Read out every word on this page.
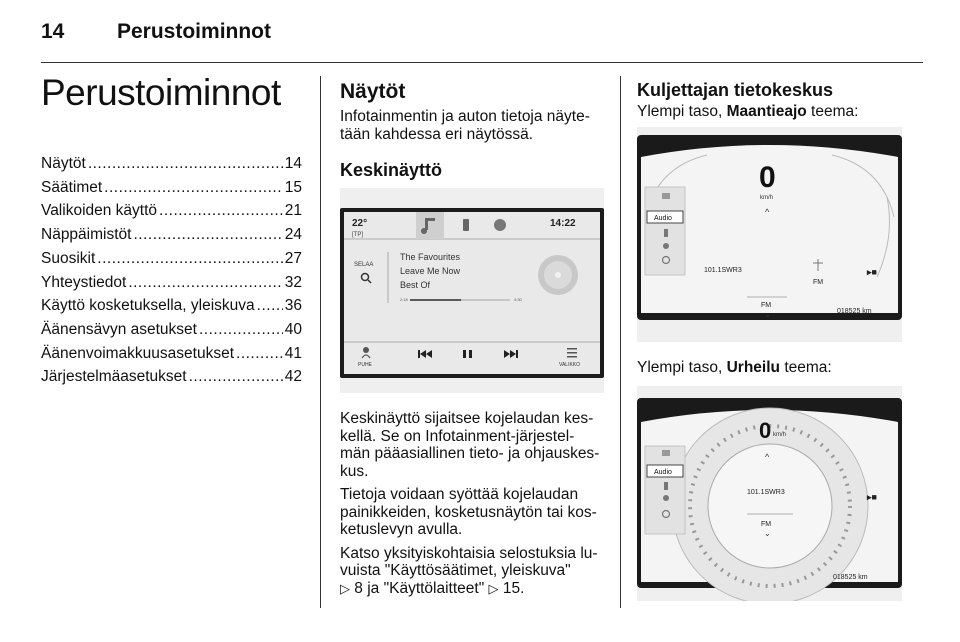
14	Perustoiminnot
Perustoiminnot
Näytöt .....	14
Säätimet .....	15
Valikoiden käyttö .....	21
Näppäimistöt .....	24
Suosikit .....	27
Yhteystiedot .....	32
Käyttö kosketuksella, yleiskuva ..... 36
Äänensävyn asetukset .....	40
Äänenvoimakkuusasetukset .....	41
Järjestelmäasetukset .....	42
Näytöt

Infotainmentin ja auton tietoja näyte-
tään kahdessa eri näytössä.

Keskinäyttö
22°
[TP]
14:22
SELAA
The Favourites
Leave Me Now
Best Of
2:18	4:30
PUHE	VALIKKO

Keskinäyttö sijaitsee kojelaudan kes-
kellä. Se on Infotainment-järjestel-
män pääasiallinen tieto- ja ohjauskes-
kus.

Tietoja voidaan syöttää kojelaudan
painikkeiden, kosketusnäytön tai kos-
ketuslevyn avulla.

Katso yksityiskohtaisia selostuksia lu-
vuista "Käyttösäätimet, yleiskuva"
▷ 8 ja "Käyttölaitteet" ▷ 15.

Kuljettajan tietokeskus

Ylempi taso, Maantieajo teema:

0
km/h
^
Audio
101.1SWR3
FM
▸■
FM
⌄	018525 km

Ylempi taso, Urheilu teema:

0 km/h
^
Audio
101.1SWR3	▸■
FM
⌄
018525 km
